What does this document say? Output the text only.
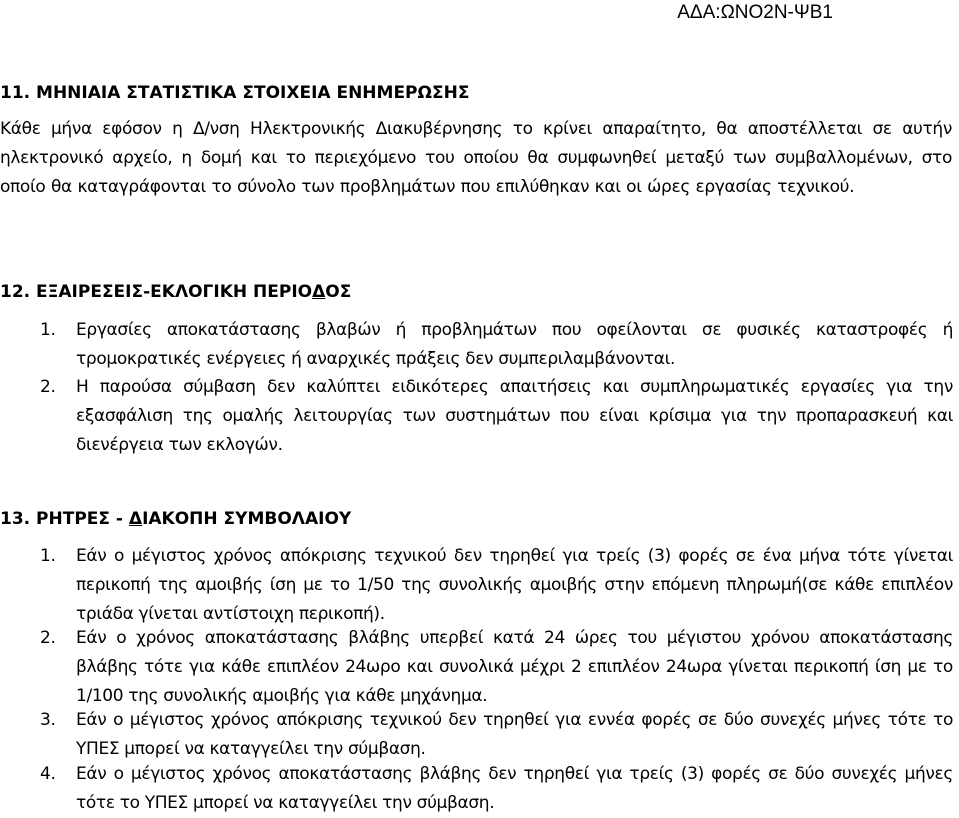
ΑΔΑ:ΩΝΟ2Ν-ΨΒ1
11. ΜΗΝΙΑΙΑ ΣΤΑΤΙΣΤΙΚΑ ΣΤΟΙΧΕΙΑ ΕΝΗΜΕΡΩΣΗΣ

Κάθε μήνα εφόσον η Δ/νση Ηλεκτρονικής Διακυβέρνησης το κρίνει απαραίτητο, θα αποστέλλεται σε αυτήν ηλεκτρονικό αρχείο, η δομή και το περιεχόμενο του οποίου θα συμφωνηθεί μεταξύ των συμβαλλομένων, στο οποίο θα καταγράφονται το σύνολο των προβλημάτων που επιλύθηκαν και οι ώρες εργασίας τεχνικού.

12. ΕΞΑΙΡΕΣΕΙΣ-ΕΚΛΟΓΙΚΗ ΠΕΡΙΟΔΟΣ
1.	Εργασίες αποκατάστασης βλαβών ή προβλημάτων που οφείλονται σε φυσικές καταστροφές ή τρομοκρατικές ενέργειες ή αναρχικές πράξεις δεν συμπεριλαμβάνονται.
2.	Η παρούσα σύμβαση δεν καλύπτει ειδικότερες απαιτήσεις και συμπληρωματικές εργασίες για την εξασφάλιση της ομαλής λειτουργίας των συστημάτων που είναι κρίσιμα για την προπαρασκευή και διενέργεια των εκλογών.
13. ΡΗΤΡΕΣ - ΔΙΑΚΟΠΗ ΣΥΜΒΟΛΑΙΟΥ
1.	Εάν ο μέγιστος χρόνος απόκρισης τεχνικού δεν τηρηθεί για τρείς (3) φορές σε ένα μήνα τότε γίνεται περικοπή της αμοιβής ίση με το 1/50 της συνολικής αμοιβής στην επόμενη πληρωμή(σε κάθε επιπλέον τριάδα γίνεται αντίστοιχη περικοπή).
2.	Εάν ο χρόνος αποκατάστασης βλάβης υπερβεί κατά 24 ώρες του μέγιστου χρόνου αποκατάστασης βλάβης τότε για κάθε επιπλέον 24ωρο και συνολικά μέχρι 2 επιπλέον 24ωρα γίνεται περικοπή ίση με το 1/100 της συνολικής αμοιβής για κάθε μηχάνημα.
3.	Εάν ο μέγιστος χρόνος απόκρισης τεχνικού δεν τηρηθεί για εννέα φορές σε δύο συνεχές μήνες τότε το ΥΠΕΣ μπορεί να καταγγείλει την σύμβαση.
4.	Εάν ο μέγιστος χρόνος αποκατάστασης βλάβης δεν τηρηθεί για τρείς (3) φορές σε δύο συνεχές μήνες τότε το ΥΠΕΣ μπορεί να καταγγείλει την σύμβαση.
